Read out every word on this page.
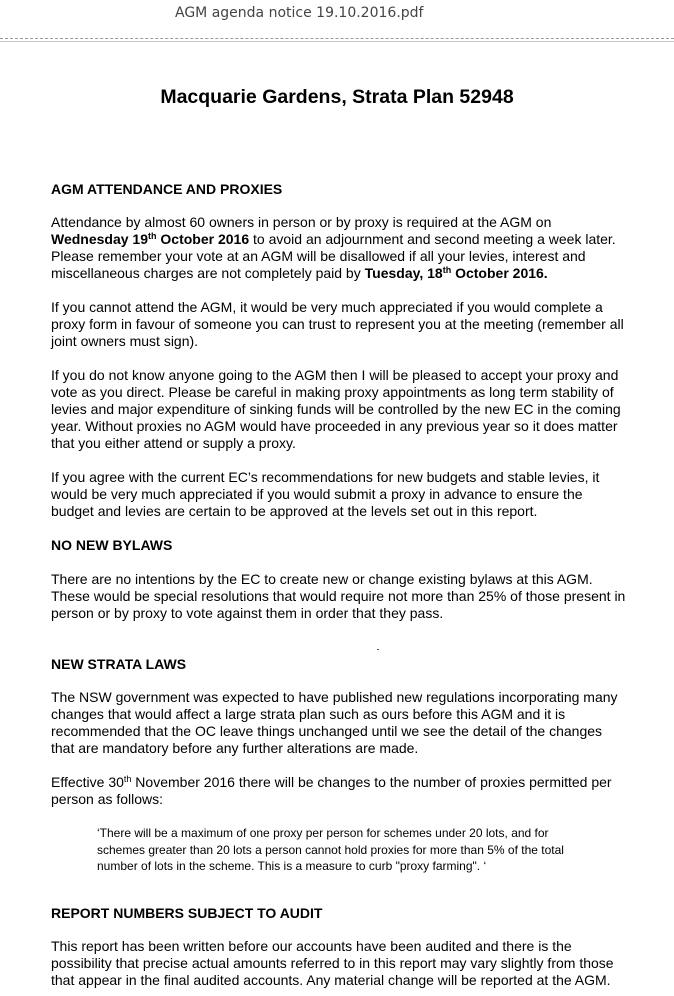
AGM agenda notice 19.10.2016.pdf
Macquarie Gardens, Strata Plan 52948
AGM ATTENDANCE AND PROXIES
Attendance by almost 60 owners in person or by proxy is required at the AGM on
Wednesday 19th October 2016 to avoid an adjournment and second meeting a week later.
Please remember your vote at an AGM will be disallowed if all your levies, interest and
miscellaneous charges are not completely paid by Tuesday, 18th October 2016.
If you cannot attend the AGM, it would be very much appreciated if you would complete a
proxy form in favour of someone you can trust to represent you at the meeting (remember all
joint owners must sign).
If you do not know anyone going to the AGM then I will be pleased to accept your proxy and
vote as you direct. Please be careful in making proxy appointments as long term stability of
levies and major expenditure of sinking funds will be controlled by the new EC in the coming
year. Without proxies no AGM would have proceeded in any previous year so it does matter
that you either attend or supply a proxy.
If you agree with the current EC’s recommendations for new budgets and stable levies, it
would be very much appreciated if you would submit a proxy in advance to ensure the
budget and levies are certain to be approved at the levels set out in this report.
NO NEW BYLAWS
There are no intentions by the EC to create new or change existing bylaws at this AGM.
These would be special resolutions that would require not more than 25% of those present in
person or by proxy to vote against them in order that they pass.
NEW STRATA LAWS
The NSW government was expected to have published new regulations incorporating many
changes that would affect a large strata plan such as ours before this AGM and it is
recommended that the OC leave things unchanged until we see the detail of the changes
that are mandatory before any further alterations are made.
Effective 30th November 2016 there will be changes to the number of proxies permitted per
person as follows:
‘There will be a maximum of one proxy per person for schemes under 20 lots, and for
schemes greater than 20 lots a person cannot hold proxies for more than 5% of the total
number of lots in the scheme. This is a measure to curb "proxy farming". ‘
REPORT NUMBERS SUBJECT TO AUDIT
This report has been written before our accounts have been audited and there is the
possibility that precise actual amounts referred to in this report may vary slightly from those
that appear in the final audited accounts. Any material change will be reported at the AGM.
